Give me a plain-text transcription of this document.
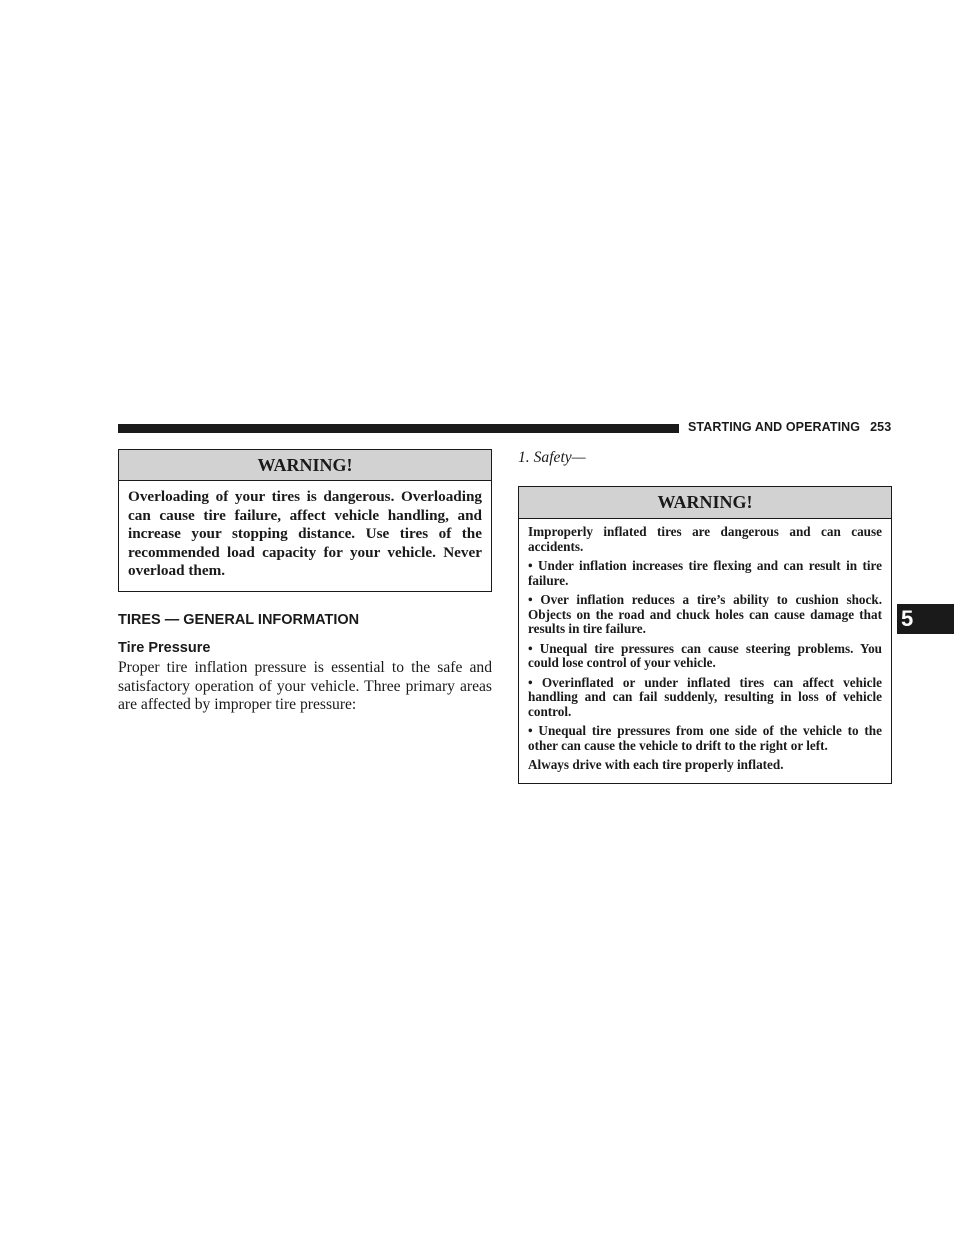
STARTING AND OPERATING 253
5
WARNING!
Overloading of your tires is dangerous. Overloading can cause tire failure, affect vehicle handling, and increase your stopping distance. Use tires of the recommended load capacity for your vehicle. Never overload them.
TIRES — GENERAL INFORMATION
Tire Pressure

Proper tire inflation pressure is essential to the safe and satisfactory operation of your vehicle. Three primary areas are affected by improper tire pressure:

1. Safety—
WARNING!

Improperly inflated tires are dangerous and can cause accidents.

• Under inflation increases tire flexing and can result in tire failure.

• Over inflation reduces a tire’s ability to cushion shock. Objects on the road and chuck holes can cause damage that results in tire failure.

• Unequal tire pressures can cause steering problems. You could lose control of your vehicle.

• Overinflated or under inflated tires can affect vehicle handling and can fail suddenly, resulting in loss of vehicle control.

• Unequal tire pressures from one side of the vehicle to the other can cause the vehicle to drift to the right or left.

Always drive with each tire properly inflated.
